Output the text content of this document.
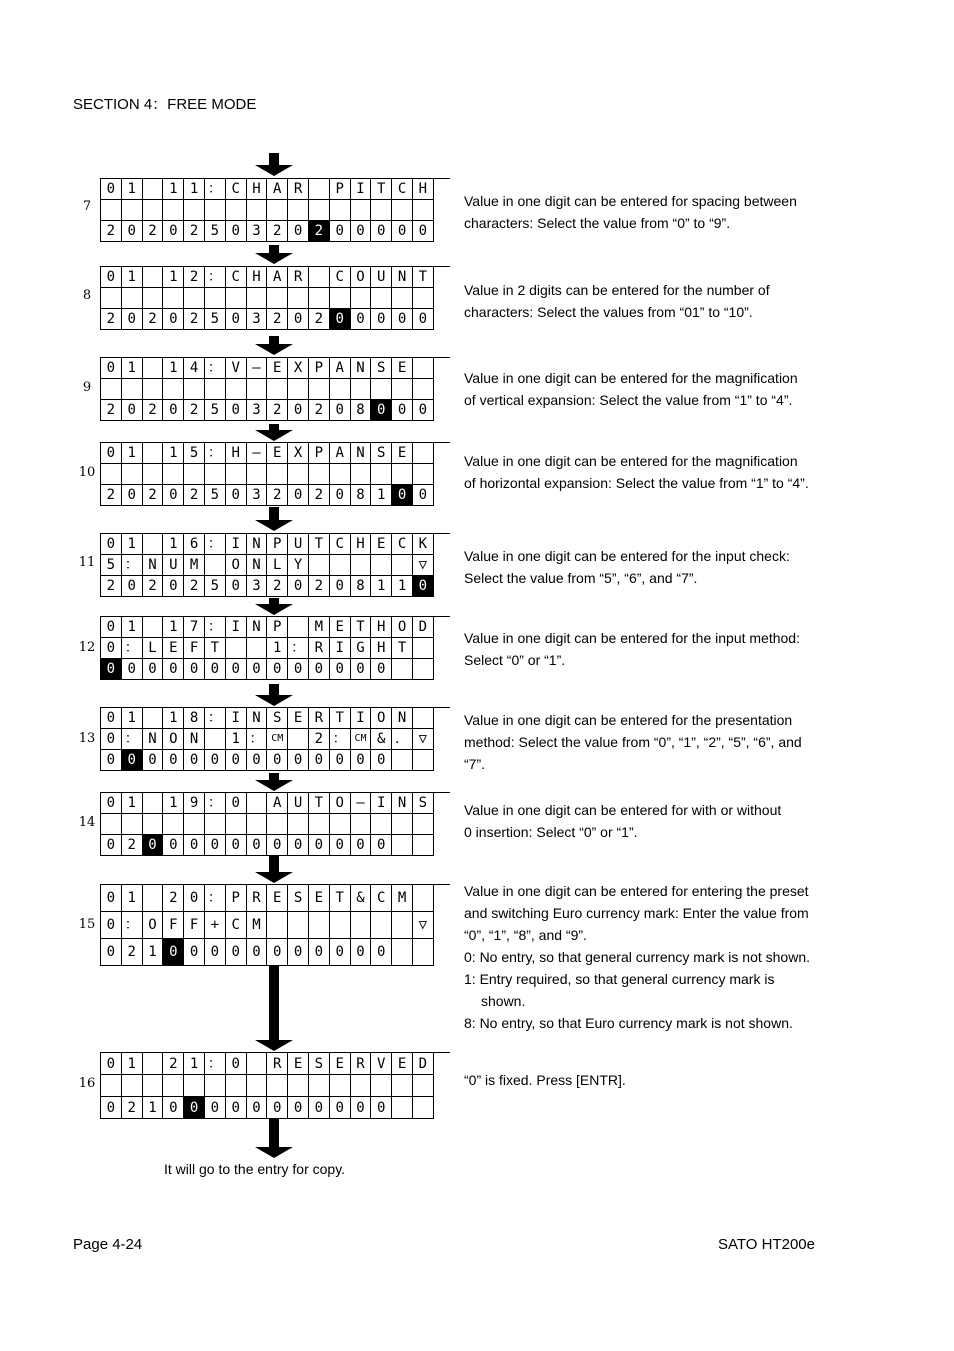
SECTION 4：FREE MODE
7
0 1	1 1 ： C H A R	P I T C H
2 0 2 0 2 5 0 3 2 0 2 0 0 0 0 0
Value in one digit can be entered for spacing between
characters: Select the value from “0” to “9”.
8
0 1	1 2 ： C H A R	C O U N T
2 0 2 0 2 5 0 3 2 0 2 0 0 0 0 0
Value in 2 digits can be entered for the number of
characters: Select the values from “01” to “10”.
9
0 1	1 4 ： V ― E X P A N S E
2 0 2 0 2 5 0 3 2 0 2 0 8 0 0 0
Value in one digit can be entered for the magnification
of vertical expansion: Select the value from “1” to “4”.
10
0 1	1 5 ： H ― E X P A N S E
2 0 2 0 2 5 0 3 2 0 2 0 8 1 0 0
Value in one digit can be entered for the magnification
of horizontal expansion: Select the value from “1” to “4”.
11
0 1	1 6 ： I N P U T C H E C K
5 ： N U M	O N L Y	▽
2 0 2 0 2 5 0 3 2 0 2 0 8 1 1 0
Value in one digit can be entered for the input check:
Select the value from “5”, “6”, and “7”.
12
0 1	1 7 ： I N P	M E T H O D
0 ： L E F T	1 ： R I G H T
0 0 0 0 0 0 0 0 0 0 0 0 0 0
Value in one digit can be entered for the input method:
Select “0” or “1”.
13
0 1	1 8 ： I N S E R T I O N
0 ： N O N	1 ： CM	2 ： CM & ． ▽
0 0 0 0 0 0 0 0 0 0 0 0 0 0
Value in one digit can be entered for the presentation
method: Select the value from “0”, “1”, “2”, “5”, “6”, and
“7”.
14
0 1	1 9 ： 0	A U T O ― I N S
0 2 0 0 0 0 0 0 0 0 0 0 0 0
Value in one digit can be entered for with or without
0 insertion: Select “0” or “1”.
15
0 1	2 0 ： P R E S E T & C M
0 ： O F F + C M	▽
0 2 1 0 0 0 0 0 0 0 0 0 0 0
Value in one digit can be entered for entering the preset
and switching Euro currency mark: Enter the value from
“0”, “1”, “8”, and “9”.
0: No entry, so that general currency mark is not shown.
1: Entry required, so that general currency mark is
shown.
8: No entry, so that Euro currency mark is not shown.
16
0 1	2 1 ： 0	R E S E R V E D
0 2 1 0 0 0 0 0 0 0 0 0 0 0
“0” is fixed. Press [ENTR].
It will go to the entry for copy.
Page 4-24	SATO HT200e
